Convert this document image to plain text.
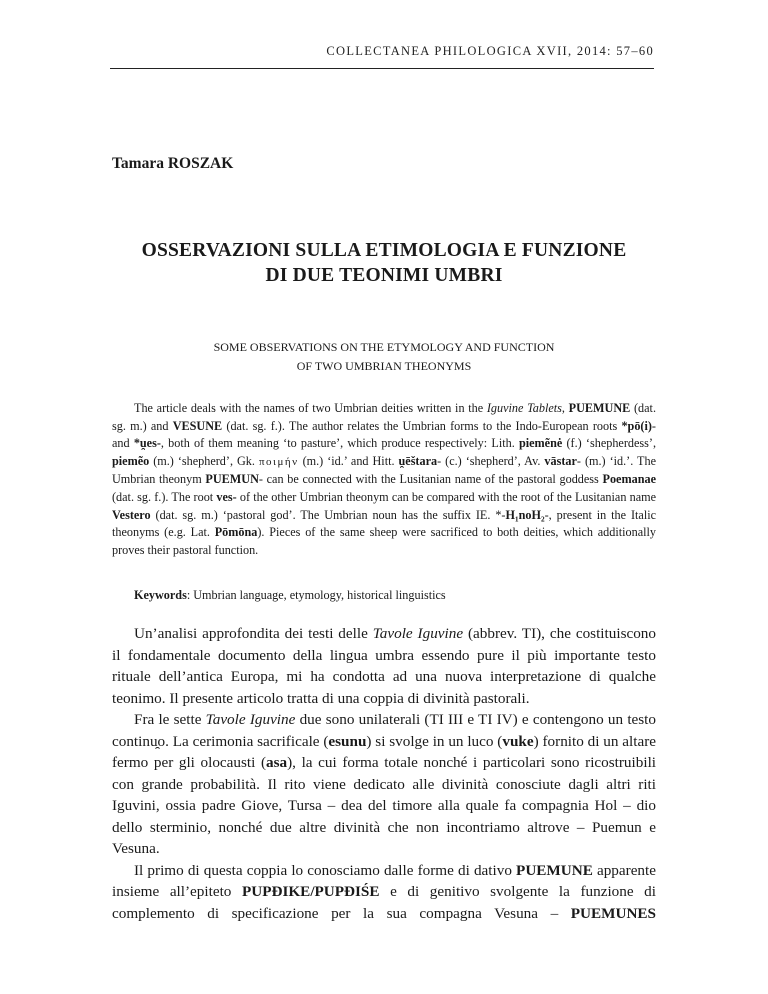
COLLECTANEA PHILOLOGICA XVII, 2014: 57–60
Tamara ROSZAK
OSSERVAZIONI SULLA ETIMOLOGIA E FUNZIONE
DI DUE TEONIMI UMBRI
SOME OBSERVATIONS ON THE ETYMOLOGY AND FUNCTION
OF TWO UMBRIAN THEONYMS

The article deals with the names of two Umbrian deities written in the Iguvine Tablets, PUEMUNE (dat. sg. m.) and VESUNE (dat. sg. f.). The author relates the Umbrian forms to the Indo-European roots *pō(i)- and *u̯es-, both of them meaning ‘to pasture’, which produce respectively: Lith. piemẽnė (f.) ‘shepherdess’, piemẽo (m.) ‘shepherd’, Gk. ποιμήν (m.) ‘id.’ and Hitt. u̯ēštara- (c.) ‘shepherd’, Av. vāstar- (m.) ‘id.’. The Umbrian theonym PUEMUN- can be connected with the Lusitanian name of the pastoral goddess Poemanae (dat. sg. f.). The root ves- of the other Umbrian theonym can be compared with the root of the Lusitanian name Vestero (dat. sg. m.) ‘pastoral god’. The Umbrian noun has the suffix IE. *-H₁noH₂-, present in the Italic theonyms (e.g. Lat. Pōmōna). Pieces of the same sheep were sacrificed to both deities, which additionally proves their pastoral function.

Keywords: Umbrian language, etymology, historical linguistics

Un’analisi approfondita dei testi delle Tavole Iguvine (abbrev. TI), che costituiscono il fondamentale documento della lingua umbra essendo pure il più importante testo rituale dell’antica Europa, mi ha condotta ad una nuova interpretazione di qualche teonimo. Il presente articolo tratta di una coppia di divinità pastorali.

Fra le sette Tavole Iguvine due sono unilaterali (TI III e TI IV) e contengono un testo continu̯o. La cerimonia sacrificale (esunu) si svolge in un luco (vuke) fornito di un altare fermo per gli olocausti (asa), la cui forma totale nonché i particolari sono ricostruibili con grande probabilità. Il rito viene dedicato alle divinità conosciute dagli altri riti Iguvini, ossia padre Giove, Tursa – dea del timore alla quale fa compagnia Hol – dio dello sterminio, nonché due altre divinità che non incontriamo altrove – Puemun e Vesuna.

Il primo di questa coppia lo conosciamo dalle forme di dativo PUEMUNE apparente insieme all’epiteto PUPĐIKE/PUPĐIŚE e di genitivo svolgente la funzione di complemento di specificazione per la sua compagna Vesuna – PUEMUNES
